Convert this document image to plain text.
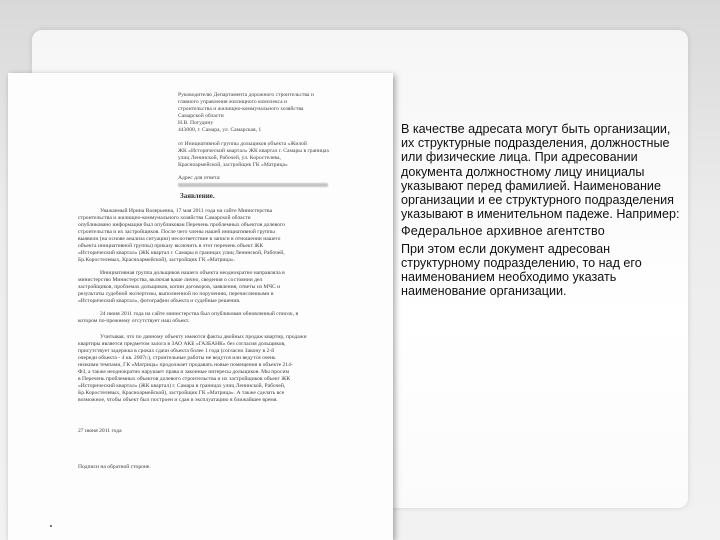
Руководителю Департамента дорожного строительства и
главного управления жилищного комплекса и
строительства и жилищно-коммунального хозяйства
Самарской области
Н.В. Погудину
443000, г. Самара, ул. Самарская, 1
от Инициативной группы дольщиков объекта «Жилой
ЖК «Исторический квартал» ЖК квартал г. Самары в границах
улиц Ленинской, Рабочей, ул. Коростелева,
Красноармейской, застройщик ГК «Матрица»
Адрес для ответа:
Заявление.
Уважаемый Ирина Валерьевна, 17 мая 2011 года на сайте Министерства
строительства и жилищно-коммунального хозяйства Самарской области
опубликовано информация был опубликован Перечень проблемных объектов долевого
строительства и их застройщиков. После чего члены нашей инициативной группы
выявили (на основе анализа ситуации) несоответствие в записи в отношении нашего
объекта инициативной группы) приказу включить в этот перечень объект ЖК
«Исторический квартал» (ЖК квартал г. Самары в границах улиц Ленинской, Рабочей,
Бр.Коростелевых, Красноармейской), застройщик ГК «Матрица».
Инициативная группа дольщиков нашего объекта неоднократно направляла в
министерство Министерства, включая ваше лично, сведения о состоянии дел
застройщиков, проблемах дольщиков, копии договоров, заявления, ответы из МЧС и
результаты судебной экспертизы, выполненной по поручению, перечисленными в
«Исторический квартал», фотографии объекта и судебные решения.
24 июня 2011 года на сайте министерства был опубликован обновленный список, в
котором по-прежнему отсутствует наш объект.
Учитывая, что по данному объекту имеются факты двойных продаж квартир, продажи
квартиры является предметом залога в ЗАО АКБ «ГАЗБАНК» без согласия дольщиков,
присутствует задержка в сроках сдачи объекта более 1 года (согласно Закону в 2-й
очереди объекта - 4 кв. 2007г.), строительные работы не ведутся или ведутся очень
низкими темпами, ГК «Матрица» продолжает продавать новые помещения в объекте 214-
ФЗ, а также неоднократно нарушает права и законные интересы дольщиков. Мы просим
в Перечень проблемных объектов долевого строительства и их застройщиков объект ЖК
«Исторический квартал» (ЖК квартал) г. Самара в границах улиц Ленинской, Рабочей,
Бр.Коростелевых, Красноармейской), застройщик ГК «Матрица». А также сделать все
возможное, чтобы объект был построен и сдан в эксплуатацию в ближайшее время.
27 июня 2011 года
Подписи на обратной стороне.

В качестве адресата могут быть организации, их структурные подразделения, должностные или физические лица. При адресовании документа должностному лицу инициалы указывают перед фамилией. Наименование организации и ее структурного подразделения указывают в именительном падеже. Например:

Федеральное архивное агентство

При этом если документ адресован структурному подразделению, то над его наименованием необходимо указать наименование организации.
